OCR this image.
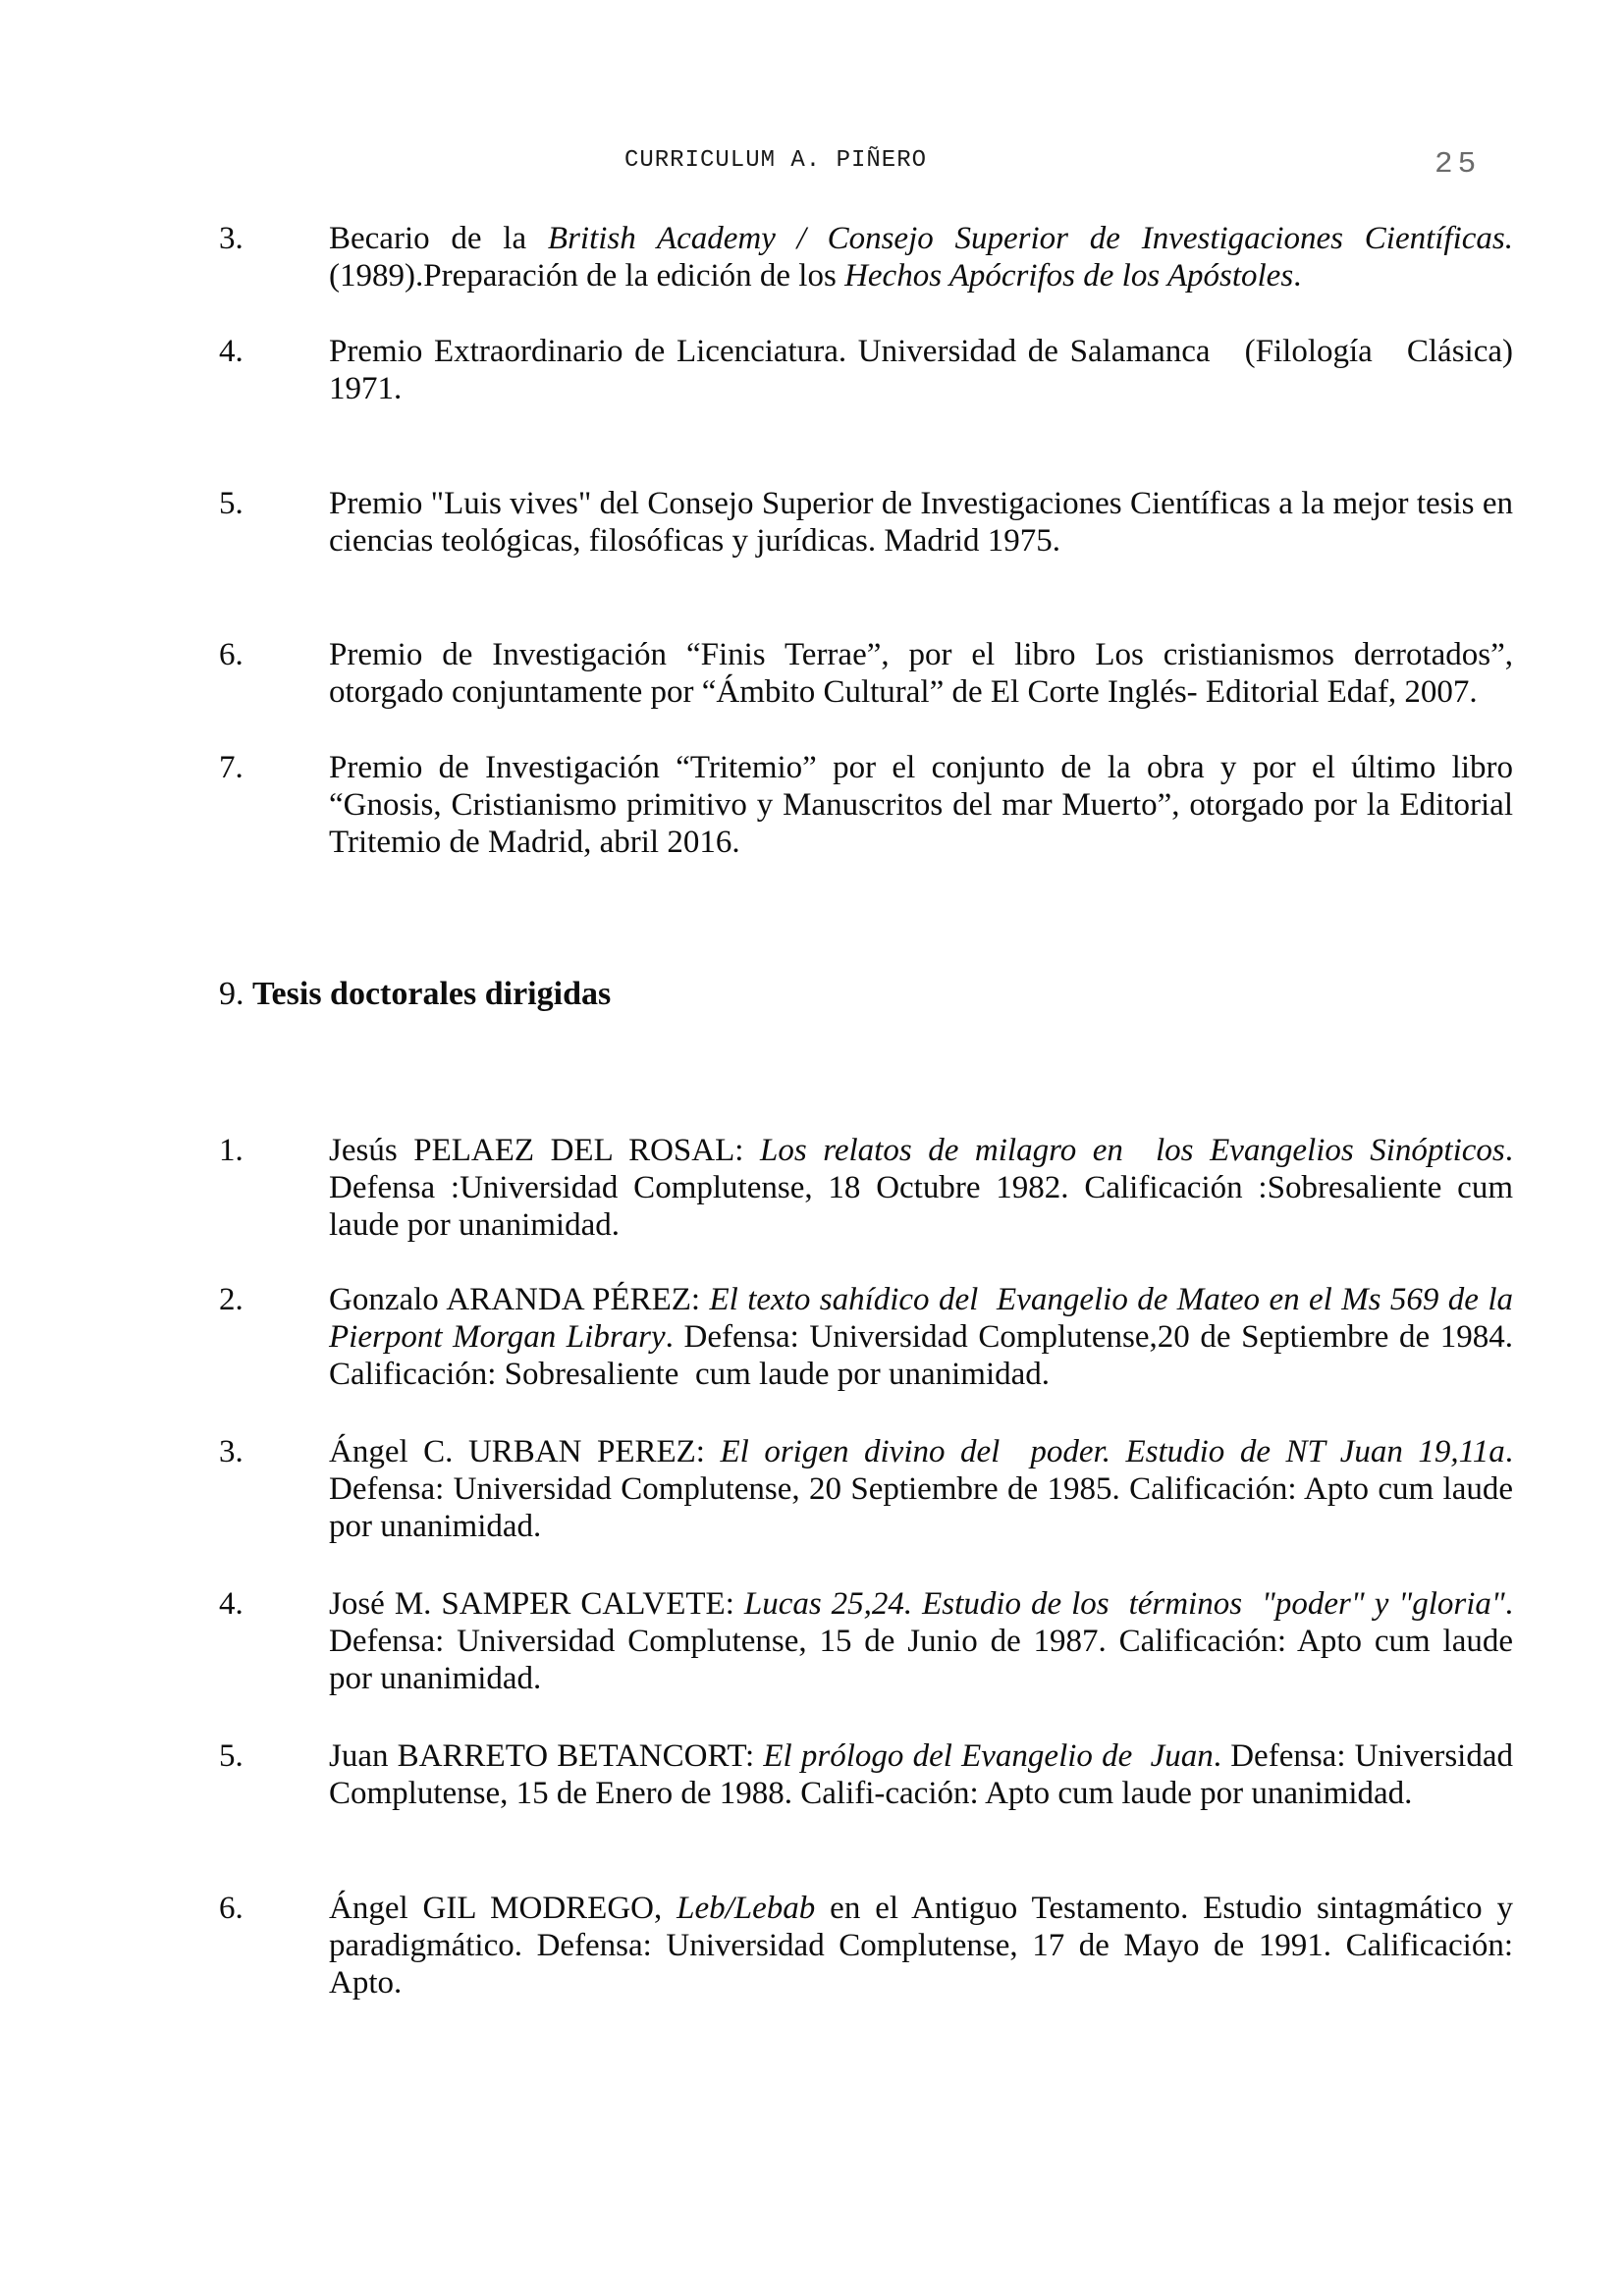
CURRICULUM A. PIÑERO	25
3.	Becario de la British Academy / Consejo Superior de Investigaciones Científicas.(1989).Preparación de la edición de los Hechos Apócrifos de los Apóstoles.
4.	Premio Extraordinario de Licenciatura. Universidad de Salamanca   (Filología   Clásica) 1971.
5.	Premio "Luis vives" del Consejo Superior de Investigaciones Científicas a la mejor tesis en ciencias teológicas, filosóficas y jurídicas. Madrid 1975.
6.	Premio de Investigación “Finis Terrae”, por el libro Los cristianismos derrotados”, otorgado conjuntamente por “Ámbito Cultural” de El Corte Inglés- Editorial Edaf, 2007.
7.	Premio de Investigación “Tritemio” por el conjunto de la obra y por el último libro “Gnosis, Cristianismo primitivo y Manuscritos del mar Muerto”, otorgado por la Editorial Tritemio de Madrid, abril 2016.
9. Tesis doctorales dirigidas
1.	Jesús PELAEZ DEL ROSAL: Los relatos de milagro en  los Evangelios Sinópticos. Defensa :Universidad Complutense, 18 Octubre 1982. Calificación :Sobresaliente cum laude por unanimidad.
2.	Gonzalo ARANDA PÉREZ: El texto sahídico del  Evangelio de Mateo en el Ms 569 de la Pierpont Morgan Library. Defensa: Universidad Complutense,20 de Septiembre de 1984. Calificación: Sobresaliente  cum laude por unanimidad.
3.	Ángel C. URBAN PEREZ: El origen divino del  poder. Estudio de NT Juan 19,11a. Defensa: Universidad Complutense, 20 Septiembre de 1985. Calificación: Apto cum laude por unanimidad.
4.	José M. SAMPER CALVETE: Lucas 25,24. Estudio de los  términos  "poder" y "gloria". Defensa: Universidad Complutense, 15 de Junio de 1987. Calificación: Apto cum laude por unanimidad.
5.	Juan BARRETO BETANCORT: El prólogo del Evangelio de  Juan. Defensa: Universidad Complutense, 15 de Enero de 1988. Califi-cación: Apto cum laude por unanimidad.
6.	Ángel GIL MODREGO, Leb/Lebab en el Antiguo Testamento. Estudio sintagmático y paradigmático. Defensa: Universidad Complutense, 17 de Mayo de 1991. Calificación: Apto.
